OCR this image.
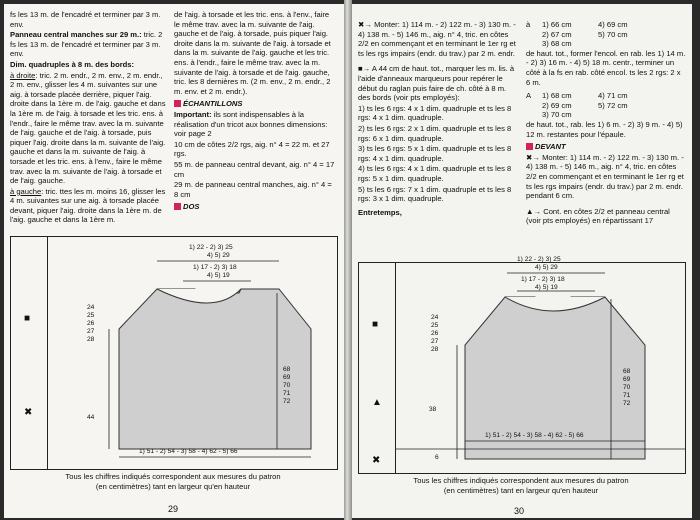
fs les 13 m. de l'encadré et terminer par 3 m. env.

Panneau central manches sur 29 m.: tric. 2 fs les 13 m. de l'encadré et terminer par 3 m. env.

Dim. quadruples à 8 m. des bords:

à droite: tric. 2 m. endr., 2 m. env., 2 m. endr., 2 m. env., glisser les 4 m. suivantes sur une aig. à torsade placée derrière, piquer l'aig. droite dans la 1ère m. de l'aig. gauche et dans la 1ère m. de l'aig. à torsade et les tric. ens. à l'endr., faire le même trav. avec la m. suivante de l'aig. gauche et de l'aig. à torsade, puis piquer l'aig. droite dans la m. suivante de l'aig. gauche et dans la m. suivante de l'aig. à torsade et les tric. ens. à l'env., faire le même trav. avec la m. suivante de l'aig. à torsade et de l'aig. gauche.

à gauche: tric. ttes les m. moins 16, glisser les 4 m. suivantes sur une aig. à torsade placée devant, piquer l'aig. droite dans la 1ère m. de l'aig. gauche et dans la 1ère m.

de l'aig. à torsade et les tric. ens. à l'env., faire le même trav. avec la m. suivante de l'aig. gauche et de l'aig. à torsade, puis piquer l'aig. droite dans la m. suivante de l'aig. à torsade et dans la m. suivante de l'aig. gauche et les tric. ens. à l'endr., faire le même trav. avec la m. suivante de l'aig. à torsade et de l'aig. gauche, tric. les 8 dernières m. (2 m. env., 2 m. endr., 2 m. env. et 2 m. endr.).

ÉCHANTILLONS

Important: ils sont indispensables à la réalisation d'un tricot aux bonnes dimensions: voir page 2

10 cm de côtes 2/2 rgs, aig. n° 4 = 22 m. et 27 rgs.

55 m. de panneau central devant, aig. n° 4 = 17 cm

29 m. de panneau central manches, aig. n° 4 = 8 cm

DOS
■
✖
1) 22 - 2) 3) 25
4) 5) 29
1) 17 - 2) 3) 18
4) 5) 19
24
25
26
27
28
68
69
70
71
72
44
1) 51 - 2) 54 - 3) 58 - 4) 62 - 5) 66
Tous les chiffres indiqués correspondent aux mesures du patron
(en centimètres) tant en largeur qu'en hauteur
29

✖→ Monter: 1) 114 m. - 2) 122 m. - 3) 130 m. - 4) 138 m. - 5) 146 m., aig. n° 4, tric. en côtes 2/2 en commençant et en terminant le 1er rg et ts les rgs impairs (endr. du trav.) par 2 m. endr.

■→ A 44 cm de haut. tot., marquer les m. lis. à l'aide d'anneaux marqueurs pour repérer le début du raglan puis faire de ch. côté à 8 m. des bords (voir pts employés):

1) ts les 6 rgs: 4 x 1 dim. quadruple et ts les 8 rgs: 4 x 1 dim. quadruple.

2) ts les 6 rgs: 2 x 1 dim. quadruple et ts les 8 rgs: 6 x 1 dim. quadruple.

3) ts les 6 rgs: 5 x 1 dim. quadruple et ts les 8 rgs: 4 x 1 dim. quadruple.

4) ts les 6 rgs: 4 x 1 dim. quadruple et ts les 8 rgs: 5 x 1 dim. quadruple.

5) ts les 6 rgs: 7 x 1 dim. quadruple et ts les 8 rgs: 3 x 1 dim. quadruple.

Entretemps,

à	1) 66 cm	4) 69 cm
2) 67 cm	5) 70 cm
3) 68 cm

de haut. tot., former l'encol. en rab. les 1) 14 m. - 2) 3) 16 m. - 4) 5) 18 m. centr., terminer un côté à la fs en rab. côté encol. ts les 2 rgs: 2 x 6 m.

A	1) 68 cm	4) 71 cm
2) 69 cm	5) 72 cm
3) 70 cm

de haut. tot., rab. les 1) 6 m. - 2) 3) 9 m. - 4) 5) 12 m. restantes pour l'épaule.

DEVANT

✖→ Monter: 1) 114 m. - 2) 122 m. - 3) 130 m. - 4) 138 m. - 5) 146 m., aig. n° 4, tric. en côtes 2/2 en commençant et en terminant le 1er rg et ts les rgs impairs (endr. du trav.) par 2 m. endr. pendant 6 cm.

▲→ Cont. en côtes 2/2 et panneau central (voir pts employés) en répartissant 17

■
▲
✖
1) 22 - 2) 3) 25
4) 5) 29
1) 17 - 2) 3) 18
4) 5) 19
24
25
26
27
28
68
69
70
71
72
38
1) 51 - 2) 54 - 3) 58 - 4) 62 - 5) 66
6
Tous les chiffres indiqués correspondent aux mesures du patron
(en centimètres) tant en largeur qu'en hauteur
30
